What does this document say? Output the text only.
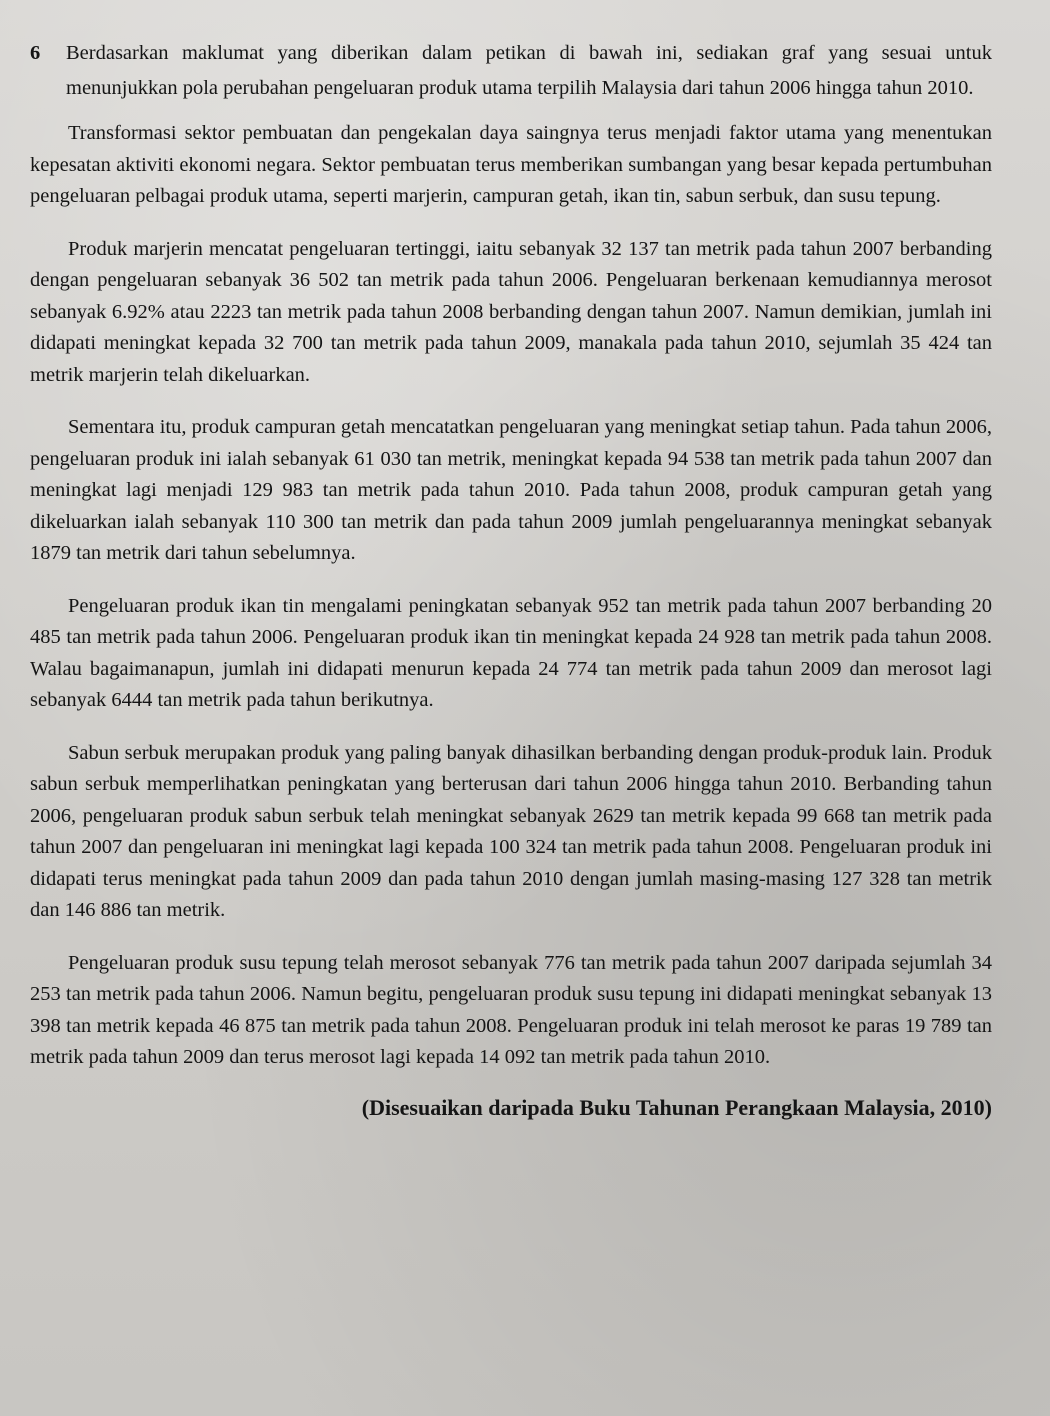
6 Berdasarkan maklumat yang diberikan dalam petikan di bawah ini, sediakan graf yang sesuai untuk menunjukkan pola perubahan pengeluaran produk utama terpilih Malaysia dari tahun 2006 hingga tahun 2010.

Transformasi sektor pembuatan dan pengekalan daya saingnya terus menjadi faktor utama yang menentukan kepesatan aktiviti ekonomi negara. Sektor pembuatan terus memberikan sumbangan yang besar kepada pertumbuhan pengeluaran pelbagai produk utama, seperti marjerin, campuran getah, ikan tin, sabun serbuk, dan susu tepung.

Produk marjerin mencatat pengeluaran tertinggi, iaitu sebanyak 32 137 tan metrik pada tahun 2007 berbanding dengan pengeluaran sebanyak 36 502 tan metrik pada tahun 2006. Pengeluaran berkenaan kemudiannya merosot sebanyak 6.92% atau 2223 tan metrik pada tahun 2008 berbanding dengan tahun 2007. Namun demikian, jumlah ini didapati meningkat kepada 32 700 tan metrik pada tahun 2009, manakala pada tahun 2010, sejumlah 35 424 tan metrik marjerin telah dikeluarkan.

Sementara itu, produk campuran getah mencatatkan pengeluaran yang meningkat setiap tahun. Pada tahun 2006, pengeluaran produk ini ialah sebanyak 61 030 tan metrik, meningkat kepada 94 538 tan metrik pada tahun 2007 dan meningkat lagi menjadi 129 983 tan metrik pada tahun 2010. Pada tahun 2008, produk campuran getah yang dikeluarkan ialah sebanyak 110 300 tan metrik dan pada tahun 2009 jumlah pengeluarannya meningkat sebanyak 1879 tan metrik dari tahun sebelumnya.

Pengeluaran produk ikan tin mengalami peningkatan sebanyak 952 tan metrik pada tahun 2007 berbanding 20 485 tan metrik pada tahun 2006. Pengeluaran produk ikan tin meningkat kepada 24 928 tan metrik pada tahun 2008. Walau bagaimanapun, jumlah ini didapati menurun kepada 24 774 tan metrik pada tahun 2009 dan merosot lagi sebanyak 6444 tan metrik pada tahun berikutnya.

Sabun serbuk merupakan produk yang paling banyak dihasilkan berbanding dengan produk-produk lain. Produk sabun serbuk memperlihatkan peningkatan yang berterusan dari tahun 2006 hingga tahun 2010. Berbanding tahun 2006, pengeluaran produk sabun serbuk telah meningkat sebanyak 2629 tan metrik kepada 99 668 tan metrik pada tahun 2007 dan pengeluaran ini meningkat lagi kepada 100 324 tan metrik pada tahun 2008. Pengeluaran produk ini didapati terus meningkat pada tahun 2009 dan pada tahun 2010 dengan jumlah masing-masing 127 328 tan metrik dan 146 886 tan metrik.

Pengeluaran produk susu tepung telah merosot sebanyak 776 tan metrik pada tahun 2007 daripada sejumlah 34 253 tan metrik pada tahun 2006. Namun begitu, pengeluaran produk susu tepung ini didapati meningkat sebanyak 13 398 tan metrik kepada 46 875 tan metrik pada tahun 2008. Pengeluaran produk ini telah merosot ke paras 19 789 tan metrik pada tahun 2009 dan terus merosot lagi kepada 14 092 tan metrik pada tahun 2010.

(Disesuaikan daripada Buku Tahunan Perangkaan Malaysia, 2010)
